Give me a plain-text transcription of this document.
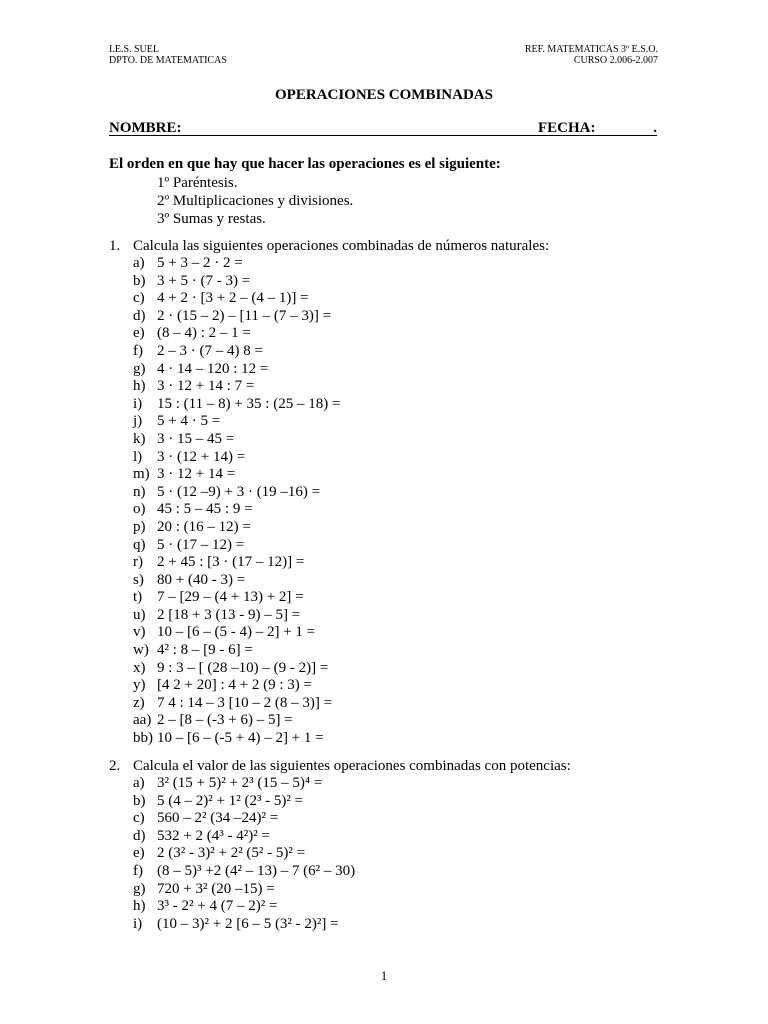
I.E.S. SUEL
DPTO. DE MATEMATICAS
REF. MATEMATICAS 3º E.S.O.
CURSO 2.006-2.007
OPERACIONES COMBINADAS
NOMBRE:	FECHA:	.
El orden en que hay que hacer las operaciones es el siguiente:
1º Paréntesis.
2º Multiplicaciones y divisiones.
3º Sumas y restas.
1. Calcula las siguientes operaciones combinadas de números naturales:
a) 5 + 3 – 2 · 2 =
b) 3 + 5 · (7 - 3) =
c) 4 + 2 · [3 + 2 – (4 – 1)] =
d) 2 · (15 – 2) – [11 – (7 – 3)] =
e) (8 – 4) : 2 – 1 =
f) 2 – 3 · (7 – 4) 8 =
g) 4 · 14 – 120 : 12 =
h) 3 · 12 + 14 : 7 =
i) 15 : (11 – 8) + 35 : (25 – 18) =
j) 5 + 4 · 5 =
k) 3 · 15 – 45 =
l) 3 · (12 + 14) =
m) 3 · 12 + 14 =
n) 5 · (12 –9) + 3 · (19 –16) =
o) 45 : 5 – 45 : 9 =
p) 20 : (16 – 12) =
q) 5 · (17 – 12) =
r) 2 + 45 : [3 · (17 – 12)] =
s) 80 + (40 - 3) =
t) 7 – [29 – (4 + 13) + 2] =
u) 2 [18 + 3 (13 - 9) – 5] =
v) 10 – [6 – (5 - 4) – 2] + 1 =
w) 4² : 8 – [9 - 6] =
x) 9 : 3 – [ (28 –10) – (9 - 2)] =
y) [4 2 + 20] : 4 + 2 (9 : 3) =
z) 7 4 : 14 – 3 [10 – 2 (8 – 3)] =
aa) 2 – [8 – (-3 + 6) – 5] =
bb) 10 – [6 – (-5 + 4) – 2] + 1 =
2. Calcula el valor de las siguientes operaciones combinadas con potencias:
a) 3² (15 + 5)² + 2³ (15 – 5)⁴ =
b) 5 (4 – 2)² + 1² (2³ - 5)² =
c) 560 – 2² (34 –24)² =
d) 532 + 2 (4³ - 4²)² =
e) 2 (3² - 3)² + 2² (5² - 5)² =
f) (8 – 5)³ +2 (4² – 13) – 7 (6² – 30)
g) 720 + 3² (20 –15) =
h) 3³ - 2² + 4 (7 – 2)² =
i) (10 – 3)² + 2 [6 – 5 (3² - 2)²] =
1
